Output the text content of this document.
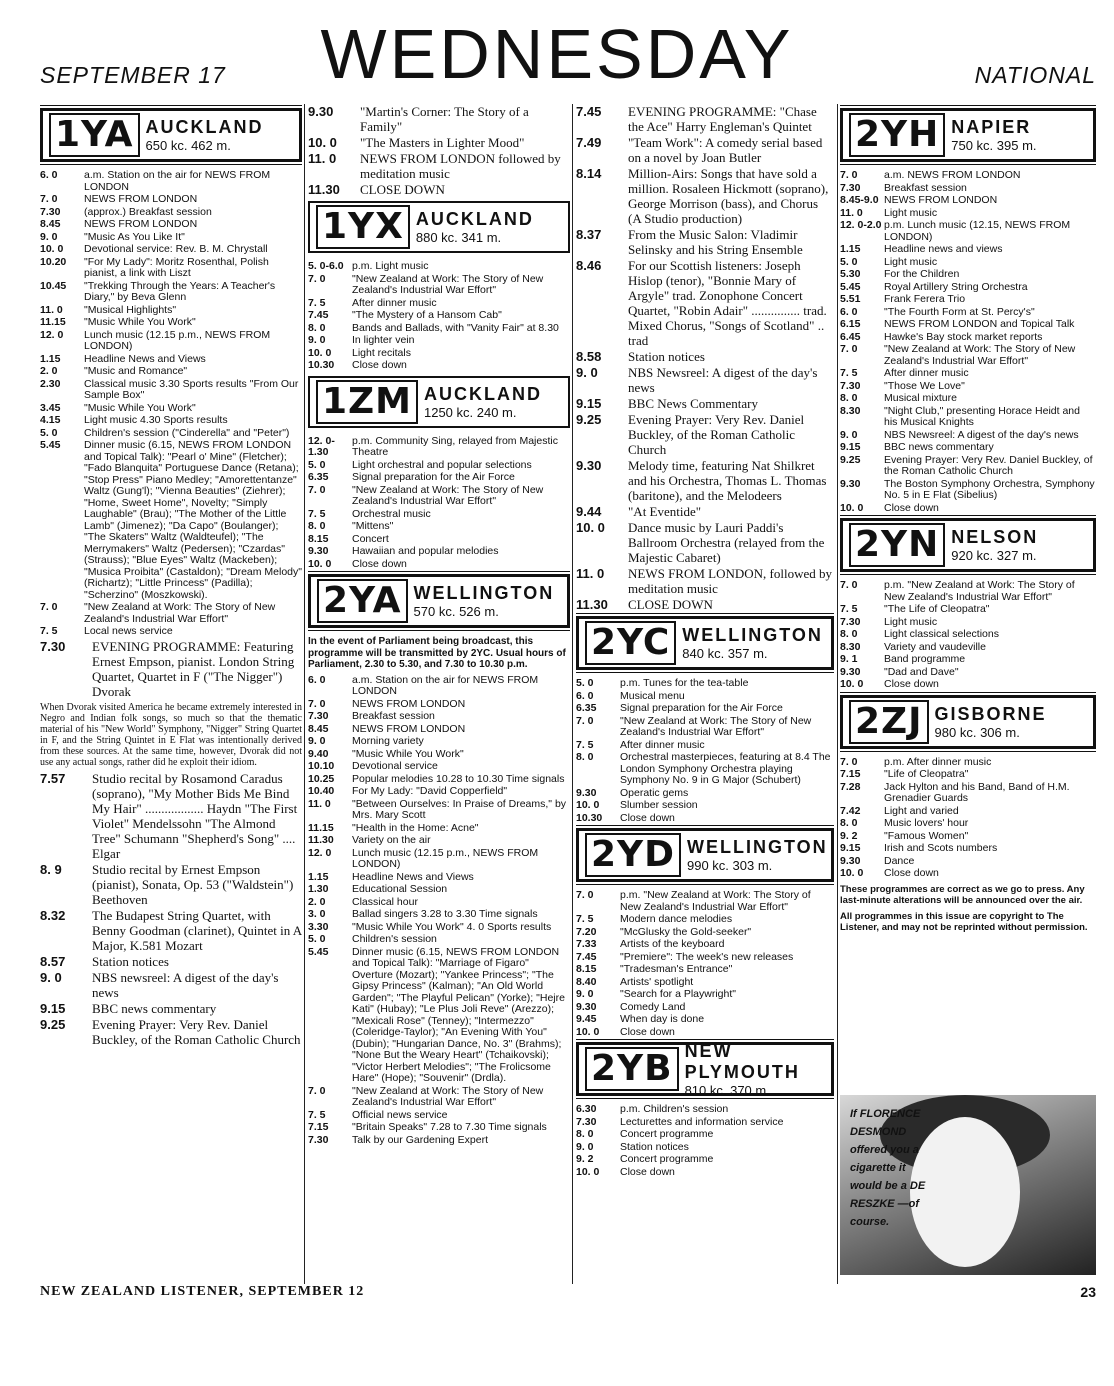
WEDNESDAY
SEPTEMBER 17	NATIONAL
1YA AUCKLAND
650 kc. 462 m.
6. 0	a.m. Station on the air for NEWS FROM LONDON
7. 0	NEWS FROM LONDON
7.30	(approx.) Breakfast session
8.45	NEWS FROM LONDON
9. 0	"Music As You Like It"
10. 0	Devotional service: Rev. B. M. Chrystall
10.20	"For My Lady": Moritz Rosenthal, Polish pianist, a link with Liszt
10.45	"Trekking Through the Years: A Teacher's Diary," by Beva Glenn
11. 0	"Musical Highlights"
11.15	"Music While You Work"
12. 0	Lunch music (12.15 p.m., NEWS FROM LONDON)
1.15	Headline News and Views
2. 0	"Music and Romance"
2.30	Classical music 3.30 Sports results "From Our Sample Box"
3.45	"Music While You Work"
4.15	Light music 4.30 Sports results
5. 0	Children's session ("Cinderella" and "Peter")
5.45	Dinner music (6.15, NEWS FROM LONDON and Topical Talk): "Pearl o' Mine" (Fletcher); "Fado Blanquita" Portuguese Dance (Retana); "Stop Press" Piano Medley; "Amorettentanze" Waltz (Gung'l); "Vienna Beauties" (Ziehrer); "Home, Sweet Home", Novelty; "Simply Laughable" (Brau); "The Mother of the Little Lamb" (Jimenez); "Da Capo" (Boulanger); "The Skaters" Waltz (Waldteufel); "The Merrymakers" Waltz (Pedersen); "Czardas" (Strauss); "Blue Eyes" Waltz (Mackeben); "Musica Proibita" (Castaldon); "Dream Melody" (Richartz); "Little Princess" (Padilla); "Scherzino" (Moszkowski).
7. 0	"New Zealand at Work: The Story of New Zealand's Industrial War Effort"
7. 5	Local news service
7.30	EVENING PROGRAMME: Featuring Ernest Empson, pianist. London String Quartet, Quartet in F ("The Nigger") Dvorak
When Dvorak visited America he became extremely interested in Negro and Indian folk songs, so much so that the thematic material of his "New World" Symphony, "Nigger" String Quartet in F, and the String Quintet in E Flat was intentionally derived from these sources. At the same time, however, Dvorak did not use any actual songs, rather did he exploit their idiom.
7.57	Studio recital by Rosamond Caradus (soprano), "My Mother Bids Me Bind My Hair" .................. Haydn "The First Violet" Mendelssohn "The Almond Tree" Schumann "Shepherd's Song" .... Elgar
8. 9	Studio recital by Ernest Empson (pianist), Sonata, Op. 53 ("Waldstein") Beethoven
8.32	The Budapest String Quartet, with Benny Goodman (clarinet), Quintet in A Major, K.581 Mozart
8.57	Station notices
9. 0	NBS newsreel: A digest of the day's news
9.15	BBC news commentary
9.25	Evening Prayer: Very Rev. Daniel Buckley, of the Roman Catholic Church
9.30	"Martin's Corner: The Story of a Family"
10. 0	"The Masters in Lighter Mood"
11. 0	NEWS FROM LONDON followed by meditation music
11.30	CLOSE DOWN
1YX AUCKLAND
880 kc. 341 m.
5. 0-6.0 p.m. Light music
7. 0	"New Zealand at Work: The Story of New Zealand's Industrial War Effort"
7. 5	After dinner music
7.45	"The Mystery of a Hansom Cab"
8. 0	Bands and Ballads, with "Vanity Fair" at 8.30
9. 0	In lighter vein
10. 0	Light recitals
10.30	Close down
1ZM AUCKLAND
1250 kc. 240 m.
12. 0-1.30
p.m. Community Sing, relayed from Majestic Theatre
5. 0	Light orchestral and popular selections
6.35	Signal preparation for the Air Force
7. 0	"New Zealand at Work: The Story of New Zealand's Industrial War Effort"
7. 5	Orchestral music
8. 0	"Mittens"
8.15	Concert
9.30	Hawaiian and popular melodies
10. 0	Close down
2YA WELLINGTON
570 kc. 526 m.
In the event of Parliament being broadcast, this programme will be transmitted by 2YC. Usual hours of Parliament, 2.30 to 5.30, and 7.30 to 10.30 p.m.
6. 0	a.m. Station on the air for NEWS FROM LONDON
7. 0	NEWS FROM LONDON
7.30	Breakfast session
8.45	NEWS FROM LONDON
9. 0	Morning variety
9.40	"Music While You Work"
10.10	Devotional service
10.25	Popular melodies 10.28 to 10.30 Time signals
10.40	For My Lady: "David Copperfield"
11. 0	"Between Ourselves: In Praise of Dreams," by Mrs. Mary Scott
11.15	"Health in the Home: Acne"
11.30	Variety on the air
12. 0	Lunch music (12.15 p.m., NEWS FROM LONDON)
1.15	Headline News and Views
1.30	Educational Session
2. 0	Classical hour
3. 0	Ballad singers 3.28 to 3.30 Time signals
3.30	"Music While You Work" 4. 0 Sports results
5. 0	Children's session
5.45	Dinner music (6.15, NEWS FROM LONDON and Topical Talk): "Marriage of Figaro" Overture (Mozart); "Yankee Princess"; "The Gipsy Princess" (Kalman); "An Old World Garden"; "The Playful Pelican" (Yorke); "Hejre Kati" (Hubay); "Le Plus Joli Reve" (Arezzo); "Mexicali Rose" (Tenney); "Intermezzo" (Coleridge-Taylor); "An Evening With You" (Dubin); "Hungarian Dance, No. 3" (Brahms); "None But the Weary Heart" (Tchaikovski); "Victor Herbert Melodies"; "The Frolicsome Hare" (Hope); "Souvenir" (Drdla).
7. 0	"New Zealand at Work: The Story of New Zealand's Industrial War Effort"
7. 5	Official news service
7.15	"Britain Speaks" 7.28 to 7.30 Time signals
7.30	Talk by our Gardening Expert
7.45	EVENING PROGRAMME: "Chase the Ace" Harry Engleman's Quintet
7.49	"Team Work": A comedy serial based on a novel by Joan Butler
8.14	Million-Airs: Songs that have sold a million. Rosaleen Hickmott (soprano), George Morrison (bass), and Chorus (A Studio production)
8.37	From the Music Salon: Vladimir Selinsky and his String Ensemble
8.46	For our Scottish listeners: Joseph Hislop (tenor), "Bonnie Mary of Argyle" trad. Zonophone Concert Quartet, "Robin Adair" ............... trad. Mixed Chorus, "Songs of Scotland" .. trad
8.58	Station notices
9. 0	NBS Newsreel: A digest of the day's news
9.15	BBC News Commentary
9.25	Evening Prayer: Very Rev. Daniel Buckley, of the Roman Catholic Church
9.30	Melody time, featuring Nat Shilkret and his Orchestra, Thomas L. Thomas (baritone), and the Melodeers
9.44	"At Eventide"
10. 0	Dance music by Lauri Paddi's Ballroom Orchestra (relayed from the Majestic Cabaret)
11. 0	NEWS FROM LONDON, followed by meditation music
11.30	CLOSE DOWN
2YC WELLINGTON
840 kc. 357 m.
5. 0	p.m. Tunes for the tea-table
6. 0	Musical menu
6.35	Signal preparation for the Air Force
7. 0	"New Zealand at Work: The Story of New Zealand's Industrial War Effort"
7. 5	After dinner music
8. 0	Orchestral masterpieces, featuring at 8.4 The London Symphony Orchestra playing Symphony No. 9 in G Major (Schubert)
9.30	Operatic gems
10. 0	Slumber session
10.30	Close down
2YD WELLINGTON
990 kc. 303 m.
7. 0	p.m. "New Zealand at Work: The Story of New Zealand's Industrial War Effort"
7. 5	Modern dance melodies
7.20	"McGlusky the Gold-seeker"
7.33	Artists of the keyboard
7.45	"Premiere": The week's new releases
8.15	"Tradesman's Entrance"
8.40	Artists' spotlight
9. 0	"Search for a Playwright"
9.30	Comedy Land
9.45	When day is done
10. 0	Close down
2YB NEW PLYMOUTH
810 kc. 370 m.
6.30	p.m. Children's session
7.30	Lecturettes and information service
8. 0	Concert programme
9. 0	Station notices
9. 2	Concert programme
10. 0	Close down
2YH NAPIER
750 kc. 395 m.
7. 0	a.m. NEWS FROM LONDON
7.30	Breakfast session
8.45-9.0 NEWS FROM LONDON
11. 0	Light music
12. 0-2.0 p.m. Lunch music (12.15, NEWS FROM LONDON)
1.15	Headline news and views
5. 0	Light music
5.30	For the Children
5.45	Royal Artillery String Orchestra
5.51	Frank Ferera Trio
6. 0	"The Fourth Form at St. Percy's"
6.15	NEWS FROM LONDON and Topical Talk
6.45	Hawke's Bay stock market reports
7. 0	"New Zealand at Work: The Story of New Zealand's Industrial War Effort"
7. 5	After dinner music
7.30	"Those We Love"
8. 0	Musical mixture
8.30	"Night Club," presenting Horace Heidt and his Musical Knights
9. 0	NBS Newsreel: A digest of the day's news
9.15	BBC news commentary
9.25	Evening Prayer: Very Rev. Daniel Buckley, of the Roman Catholic Church
9.30	The Boston Symphony Orchestra, Symphony No. 5 in E Flat (Sibelius)
10. 0	Close down
2YN NELSON
920 kc. 327 m.
7. 0	p.m. "New Zealand at Work: The Story of New Zealand's Industrial War Effort"
7. 5	"The Life of Cleopatra"
7.30	Light music
8. 0	Light classical selections
8.30	Variety and vaudeville
9. 1	Band programme
9.30	"Dad and Dave"
10. 0	Close down
2ZJ GISBORNE
980 kc. 306 m.
7. 0	p.m. After dinner music
7.15	"Life of Cleopatra"
7.28	Jack Hylton and his Band, Band of H.M. Grenadier Guards
7.42	Light and varied
8. 0	Music lovers' hour
9. 2	"Famous Women"
9.15	Irish and Scots numbers
9.30	Dance
10. 0	Close down
These programmes are correct as we go to press. Any last-minute alterations will be announced over the air.
All programmes in this issue are copyright to The Listener, and may not be reprinted without permission.
If FLORENCE DESMOND offered you a cigarette it would be a DE RESZKE —of course.
NEW ZEALAND LISTENER, SEPTEMBER 12	23
